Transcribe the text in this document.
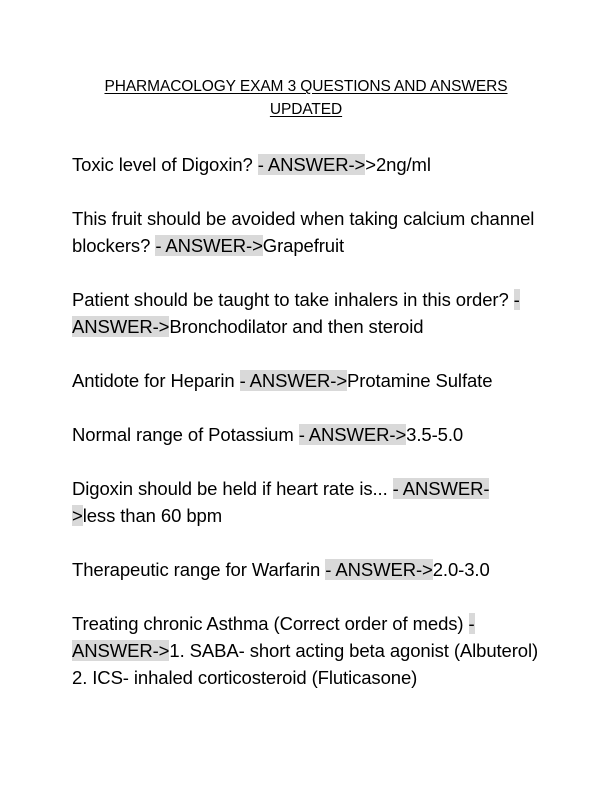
PHARMACOLOGY EXAM 3 QUESTIONS AND ANSWERS
UPDATED
Toxic level of Digoxin? - ANSWER->>2ng/ml
This fruit should be avoided when taking calcium channel blockers? - ANSWER->Grapefruit
Patient should be taught to take inhalers in this order? - ANSWER->Bronchodilator and then steroid
Antidote for Heparin - ANSWER->Protamine Sulfate
Normal range of Potassium - ANSWER->3.5-5.0
Digoxin should be held if heart rate is... - ANSWER-
>less than 60 bpm
Therapeutic range for Warfarin - ANSWER->2.0-3.0
Treating chronic Asthma (Correct order of meds) -
ANSWER->1. SABA- short acting beta agonist (Albuterol)
2. ICS- inhaled corticosteroid (Fluticasone)
